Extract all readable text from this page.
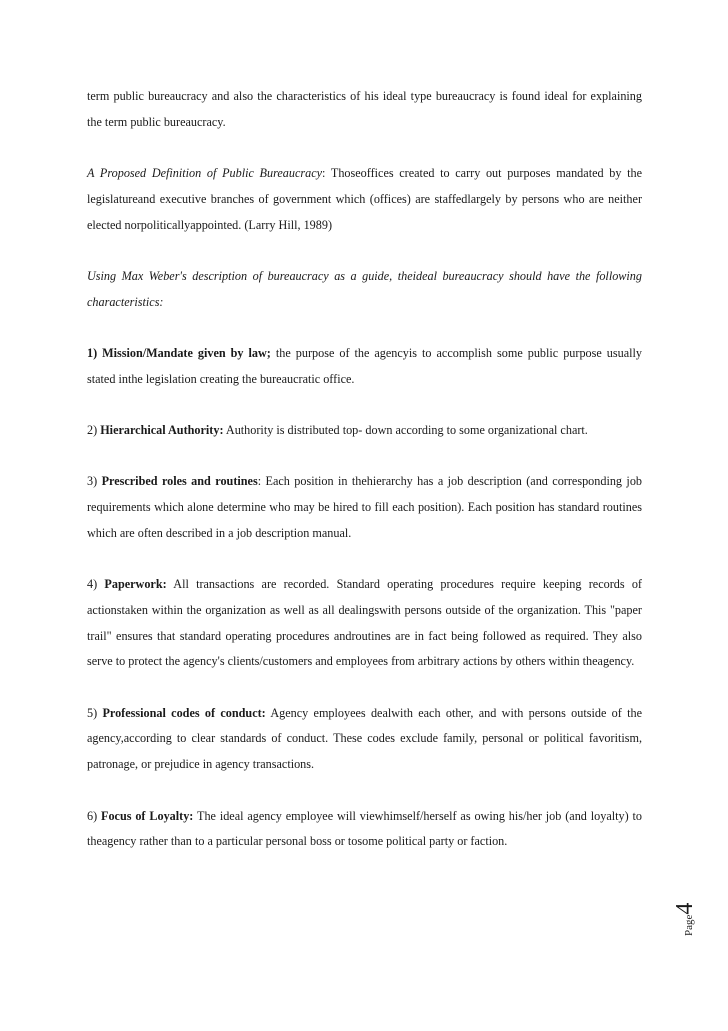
term public bureaucracy and also the characteristics of his ideal type bureaucracy is found ideal for explaining the term public bureaucracy.

A Proposed Definition of Public Bureaucracy: Thoseoffices created to carry out purposes mandated by the legislatureand executive branches of government which (offices) are staffedlargely by persons who are neither elected norpoliticallyappointed. (Larry Hill, 1989)

Using Max Weber's description of bureaucracy as a guide, theideal bureaucracy should have the following characteristics:

1) Mission/Mandate given by law; the purpose of the agencyis to accomplish some public purpose usually stated inthe legislation creating the bureaucratic office.

2) Hierarchical Authority: Authority is distributed top- down according to some organizational chart.

3) Prescribed roles and routines: Each position in thehierarchy has a job description (and corresponding job requirements which alone determine who may be hired to fill each position). Each position has standard routines which are often described in a job description manual.

4) Paperwork: All transactions are recorded. Standard operating procedures require keeping records of actionstaken within the organization as well as all dealingswith persons outside of the organization. This "paper trail" ensures that standard operating procedures androutines are in fact being followed as required. They also serve to protect the agency's clients/customers and employees from arbitrary actions by others within theagency.

5) Professional codes of conduct: Agency employees dealwith each other, and with persons outside of the agency,according to clear standards of conduct. These codes exclude family, personal or political favoritism, patronage, or prejudice in agency transactions.

6) Focus of Loyalty: The ideal agency employee will viewhimself/herself as owing his/her job (and loyalty) to theagency rather than to a particular personal boss or tosome political party or faction.

Page4
